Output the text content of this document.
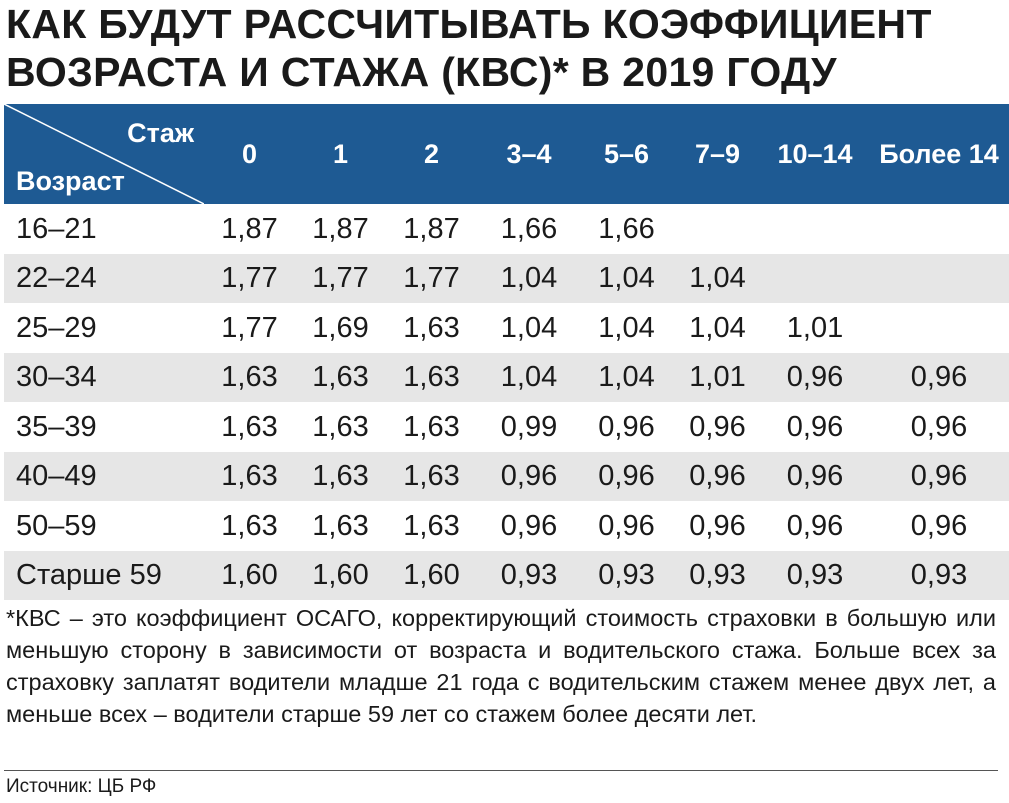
КАК БУДУТ РАССЧИТЫВАТЬ КОЭФФИЦИЕНТ ВОЗРАСТА И СТАЖА (КВС)* В 2019 ГОДУ
Стаж
Возраст	0	1	2	3–4	5–6	7–9	10–14	Более 14
16–21	1,87	1,87	1,87	1,66	1,66			
22–24	1,77	1,77	1,77	1,04	1,04	1,04		
25–29	1,77	1,69	1,63	1,04	1,04	1,04	1,01	
30–34	1,63	1,63	1,63	1,04	1,04	1,01	0,96	0,96
35–39	1,63	1,63	1,63	0,99	0,96	0,96	0,96	0,96
40–49	1,63	1,63	1,63	0,96	0,96	0,96	0,96	0,96
50–59	1,63	1,63	1,63	0,96	0,96	0,96	0,96	0,96
Старше 59	1,60	1,60	1,60	0,93	0,93	0,93	0,93	0,93

*КВС – это коэффициент ОСАГО, корректирующий стоимость страховки в большую или меньшую сторону в зависимости от возраста и водительского стажа. Больше всех за страховку заплатят водители младше 21 года с водительским стажем менее двух лет, а меньше всех – водители старше 59 лет со стажем более десяти лет.

Источник: ЦБ РФ
